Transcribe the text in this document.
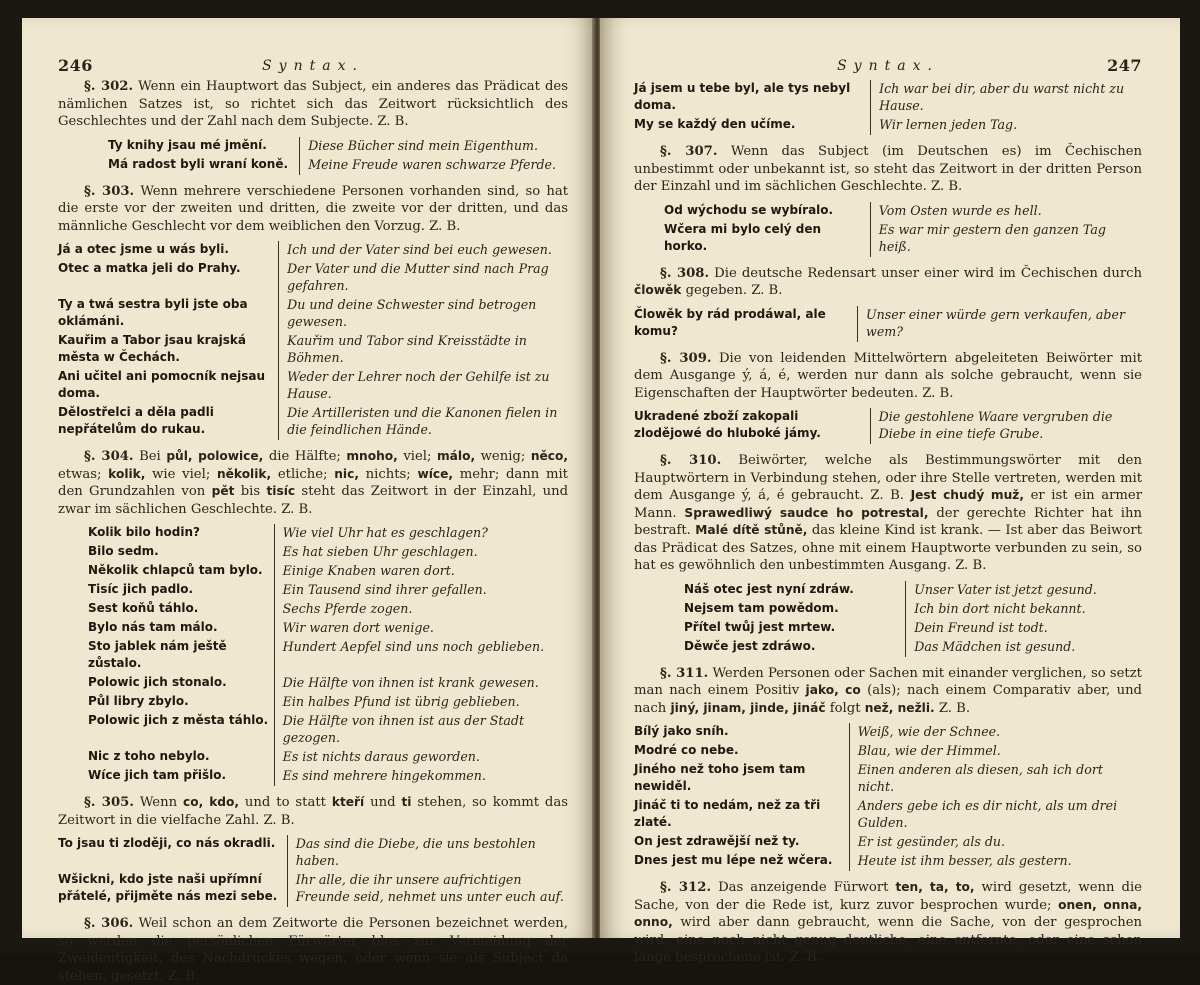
246	Syntax.

§. 302. Wenn ein Hauptwort das Subject, ein anderes das Prädicat des nämlichen Satzes ist, so richtet sich das Zeitwort rücksichtlich des Geschlechtes und der Zahl nach dem Subjecte. Z. B.

Ty knihy jsau mé jmění.	Diese Bücher sind mein Eigenthum.
Má radost byli wraní koně.	Meine Freude waren schwarze Pferde.

§. 303. Wenn mehrere verschiedene Personen vorhanden sind, so hat die erste vor der zweiten und dritten, die zweite vor der dritten, und das männliche Geschlecht vor dem weiblichen den Vorzug. Z. B.

Já a otec jsme u wás byli.	Ich und der Vater sind bei euch gewesen.
Otec a matka jeli do Prahy.	Der Vater und die Mutter sind nach Prag gefahren.
Ty a twá sestra byli jste oba oklámáni.	Du und deine Schwester sind betrogen gewesen.
Kauřim a Tabor jsau krajská města w Čechách.	Kauřim und Tabor sind Kreisstädte in Böhmen.
Ani učitel ani pomocník nejsau doma.	Weder der Lehrer noch der Gehilfe ist zu Hause.
Dělostřelci a děla padli nepřátelům do rukau.	Die Artilleristen und die Kanonen fielen in die feindlichen Hände.

§. 304. Bei půl, polowice, die Hälfte; mnoho, viel; málo, wenig; něco, etwas; kolik, wie viel; několik, etliche; nic, nichts; wíce, mehr; dann mit den Grundzahlen von pět bis tisíc steht das Zeitwort in der Einzahl, und zwar im sächlichen Geschlechte. Z. B.

Kolik bilo hodin?	Wie viel Uhr hat es geschlagen?
Bilo sedm.	Es hat sieben Uhr geschlagen.
Několik chlapců tam bylo.	Einige Knaben waren dort.
Tisíc jich padlo.	Ein Tausend sind ihrer gefallen.
Sest koňů táhlo.	Sechs Pferde zogen.
Bylo nás tam málo.	Wir waren dort wenige.
Sto jablek nám ještě zůstalo.	Hundert Aepfel sind uns noch geblieben.
Polowic jich stonalo.	Die Hälfte von ihnen ist krank gewesen.
Půl libry zbylo.	Ein halbes Pfund ist übrig geblieben.
Polowic jich z města táhlo.	Die Hälfte von ihnen ist aus der Stadt gezogen.
Nic z toho nebylo.	Es ist nichts daraus geworden.
Wíce jich tam přišlo.	Es sind mehrere hingekommen.

§. 305. Wenn co, kdo, und to statt kteří und ti stehen, so kommt das Zeitwort in die vielfache Zahl. Z. B.

To jsau ti zloději, co nás okradli.	Das sind die Diebe, die uns bestohlen haben.
Wšickni, kdo jste naši upřímní přátelé, přijměte nás mezi sebe.	Ihr alle, die ihr unsere aufrichtigen Freunde seid, nehmet uns unter euch auf.

§. 306. Weil schon an dem Zeitworte die Personen bezeichnet werden, so werden die persönlichen Fürwörter blos zur Vermeidung der Zweideutigkeit, des Nachdruckes wegen, oder wenn sie als Subject da stehen, gesetzt. Z. B.

Syntax.	247
Já jsem u tebe byl, ale tys nebyl doma.	Ich war bei dir, aber du warst nicht zu Hause.
My se každý den učíme.	Wir lernen jeden Tag.

§. 307. Wenn das Subject (im Deutschen es) im Čechischen unbestimmt oder unbekannt ist, so steht das Zeitwort in der dritten Person der Einzahl und im sächlichen Geschlechte. Z. B.

Od wýchodu se wybíralo.	Vom Osten wurde es hell.
Wčera mi bylo celý den horko.	Es war mir gestern den ganzen Tag heiß.

§. 308. Die deutsche Redensart unser einer wird im Čechischen durch člowěk gegeben. Z. B.

Člowěk by rád prodáwal, ale komu?	Unser einer würde gern verkaufen, aber wem?

§. 309. Die von leidenden Mittelwörtern abgeleiteten Beiwörter mit dem Ausgange ý, á, é, werden nur dann als solche gebraucht, wenn sie Eigenschaften der Hauptwörter bedeuten. Z. B.

Ukradené zboží zakopali zlodějowé do hluboké jámy.	Die gestohlene Waare vergruben die Diebe in eine tiefe Grube.

§. 310. Beiwörter, welche als Bestimmungswörter mit den Hauptwörtern in Verbindung stehen, oder ihre Stelle vertreten, werden mit dem Ausgange ý, á, é gebraucht. Z. B. Jest chudý muž, er ist ein armer Mann. Sprawedliwý saudce ho potrestal, der gerechte Richter hat ihn bestraft. Malé dítě stůně, das kleine Kind ist krank. — Ist aber das Beiwort das Prädicat des Satzes, ohne mit einem Hauptworte verbunden zu sein, so hat es gewöhnlich den unbestimmten Ausgang. Z. B.

Náš otec jest nyní zdráw.	Unser Vater ist jetzt gesund.
Nejsem tam powědom.	Ich bin dort nicht bekannt.
Přítel twůj jest mrtew.	Dein Freund ist todt.
Děwče jest zdráwo.	Das Mädchen ist gesund.

§. 311. Werden Personen oder Sachen mit einander verglichen, so setzt man nach einem Positiv jako, co (als); nach einem Comparativ aber, und nach jiný, jinam, jinde, jináč folgt než, nežli. Z. B.

Bílý jako sníh.	Weiß, wie der Schnee.
Modré co nebe.	Blau, wie der Himmel.
Jiného než toho jsem tam newiděl.	Einen anderen als diesen, sah ich dort nicht.
Jináč ti to nedám, než za tři zlaté.	Anders gebe ich es dir nicht, als um drei Gulden.
On jest zdrawější než ty.	Er ist gesünder, als du.
Dnes jest mu lépe než wčera.	Heute ist ihm besser, als gestern.

§. 312. Das anzeigende Fürwort ten, ta, to, wird gesetzt, wenn die Sache, von der die Rede ist, kurz zuvor besprochen wurde; onen, onna, onno, wird aber dann gebraucht, wenn die Sache, von der gesprochen wird, eine noch nicht genug deutliche, eine entfernte, oder eine schon lange besprochene ist. Z. B.
